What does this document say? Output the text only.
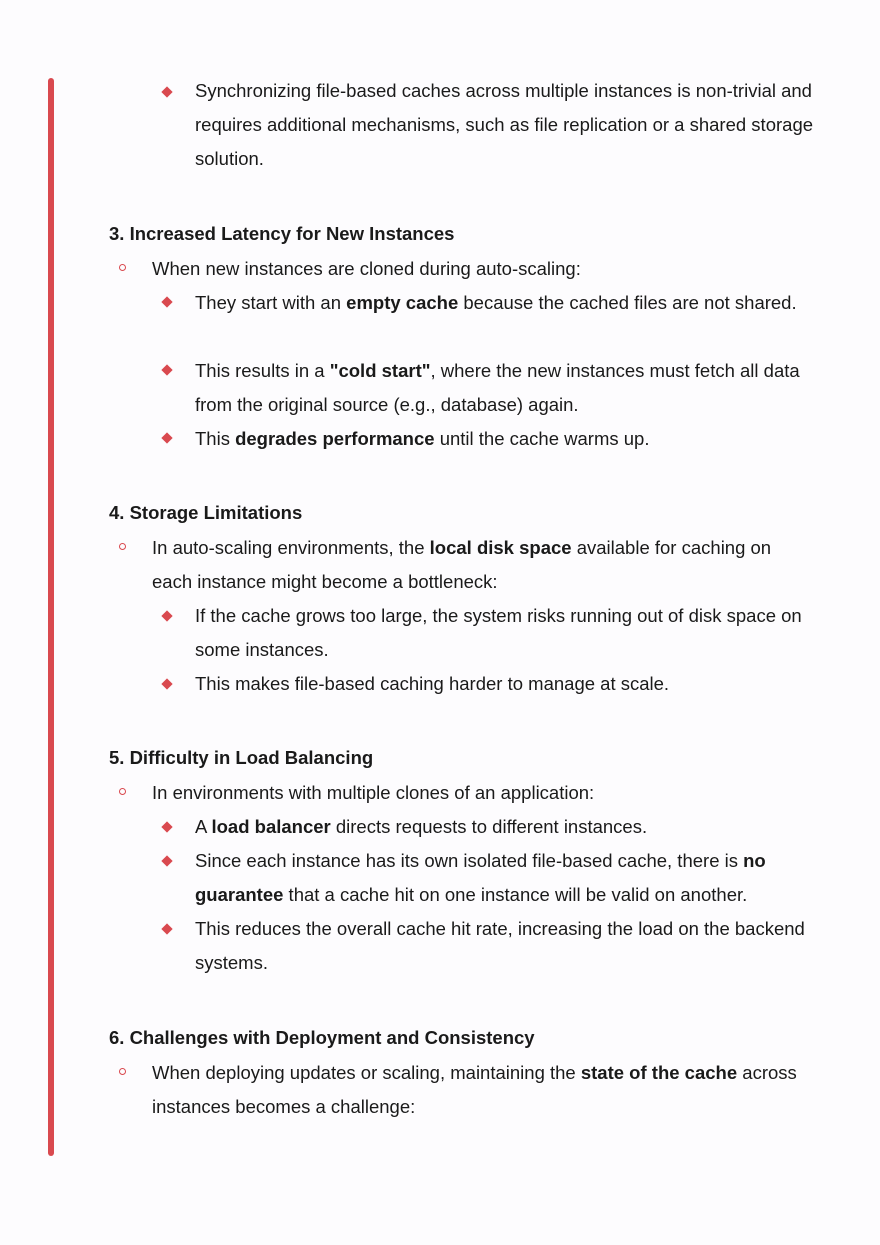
Synchronizing file-based caches across multiple instances is non-trivial and requires additional mechanisms, such as file replication or a shared storage solution.
3. Increased Latency for New Instances
When new instances are cloned during auto-scaling:
They start with an empty cache because the cached files are not shared.
This results in a "cold start", where the new instances must fetch all data from the original source (e.g., database) again.
This degrades performance until the cache warms up.
4. Storage Limitations
In auto-scaling environments, the local disk space available for caching on each instance might become a bottleneck:
If the cache grows too large, the system risks running out of disk space on some instances.
This makes file-based caching harder to manage at scale.
5. Difficulty in Load Balancing
In environments with multiple clones of an application:
A load balancer directs requests to different instances.
Since each instance has its own isolated file-based cache, there is no guarantee that a cache hit on one instance will be valid on another.
This reduces the overall cache hit rate, increasing the load on the backend systems.
6. Challenges with Deployment and Consistency
When deploying updates or scaling, maintaining the state of the cache across instances becomes a challenge:
